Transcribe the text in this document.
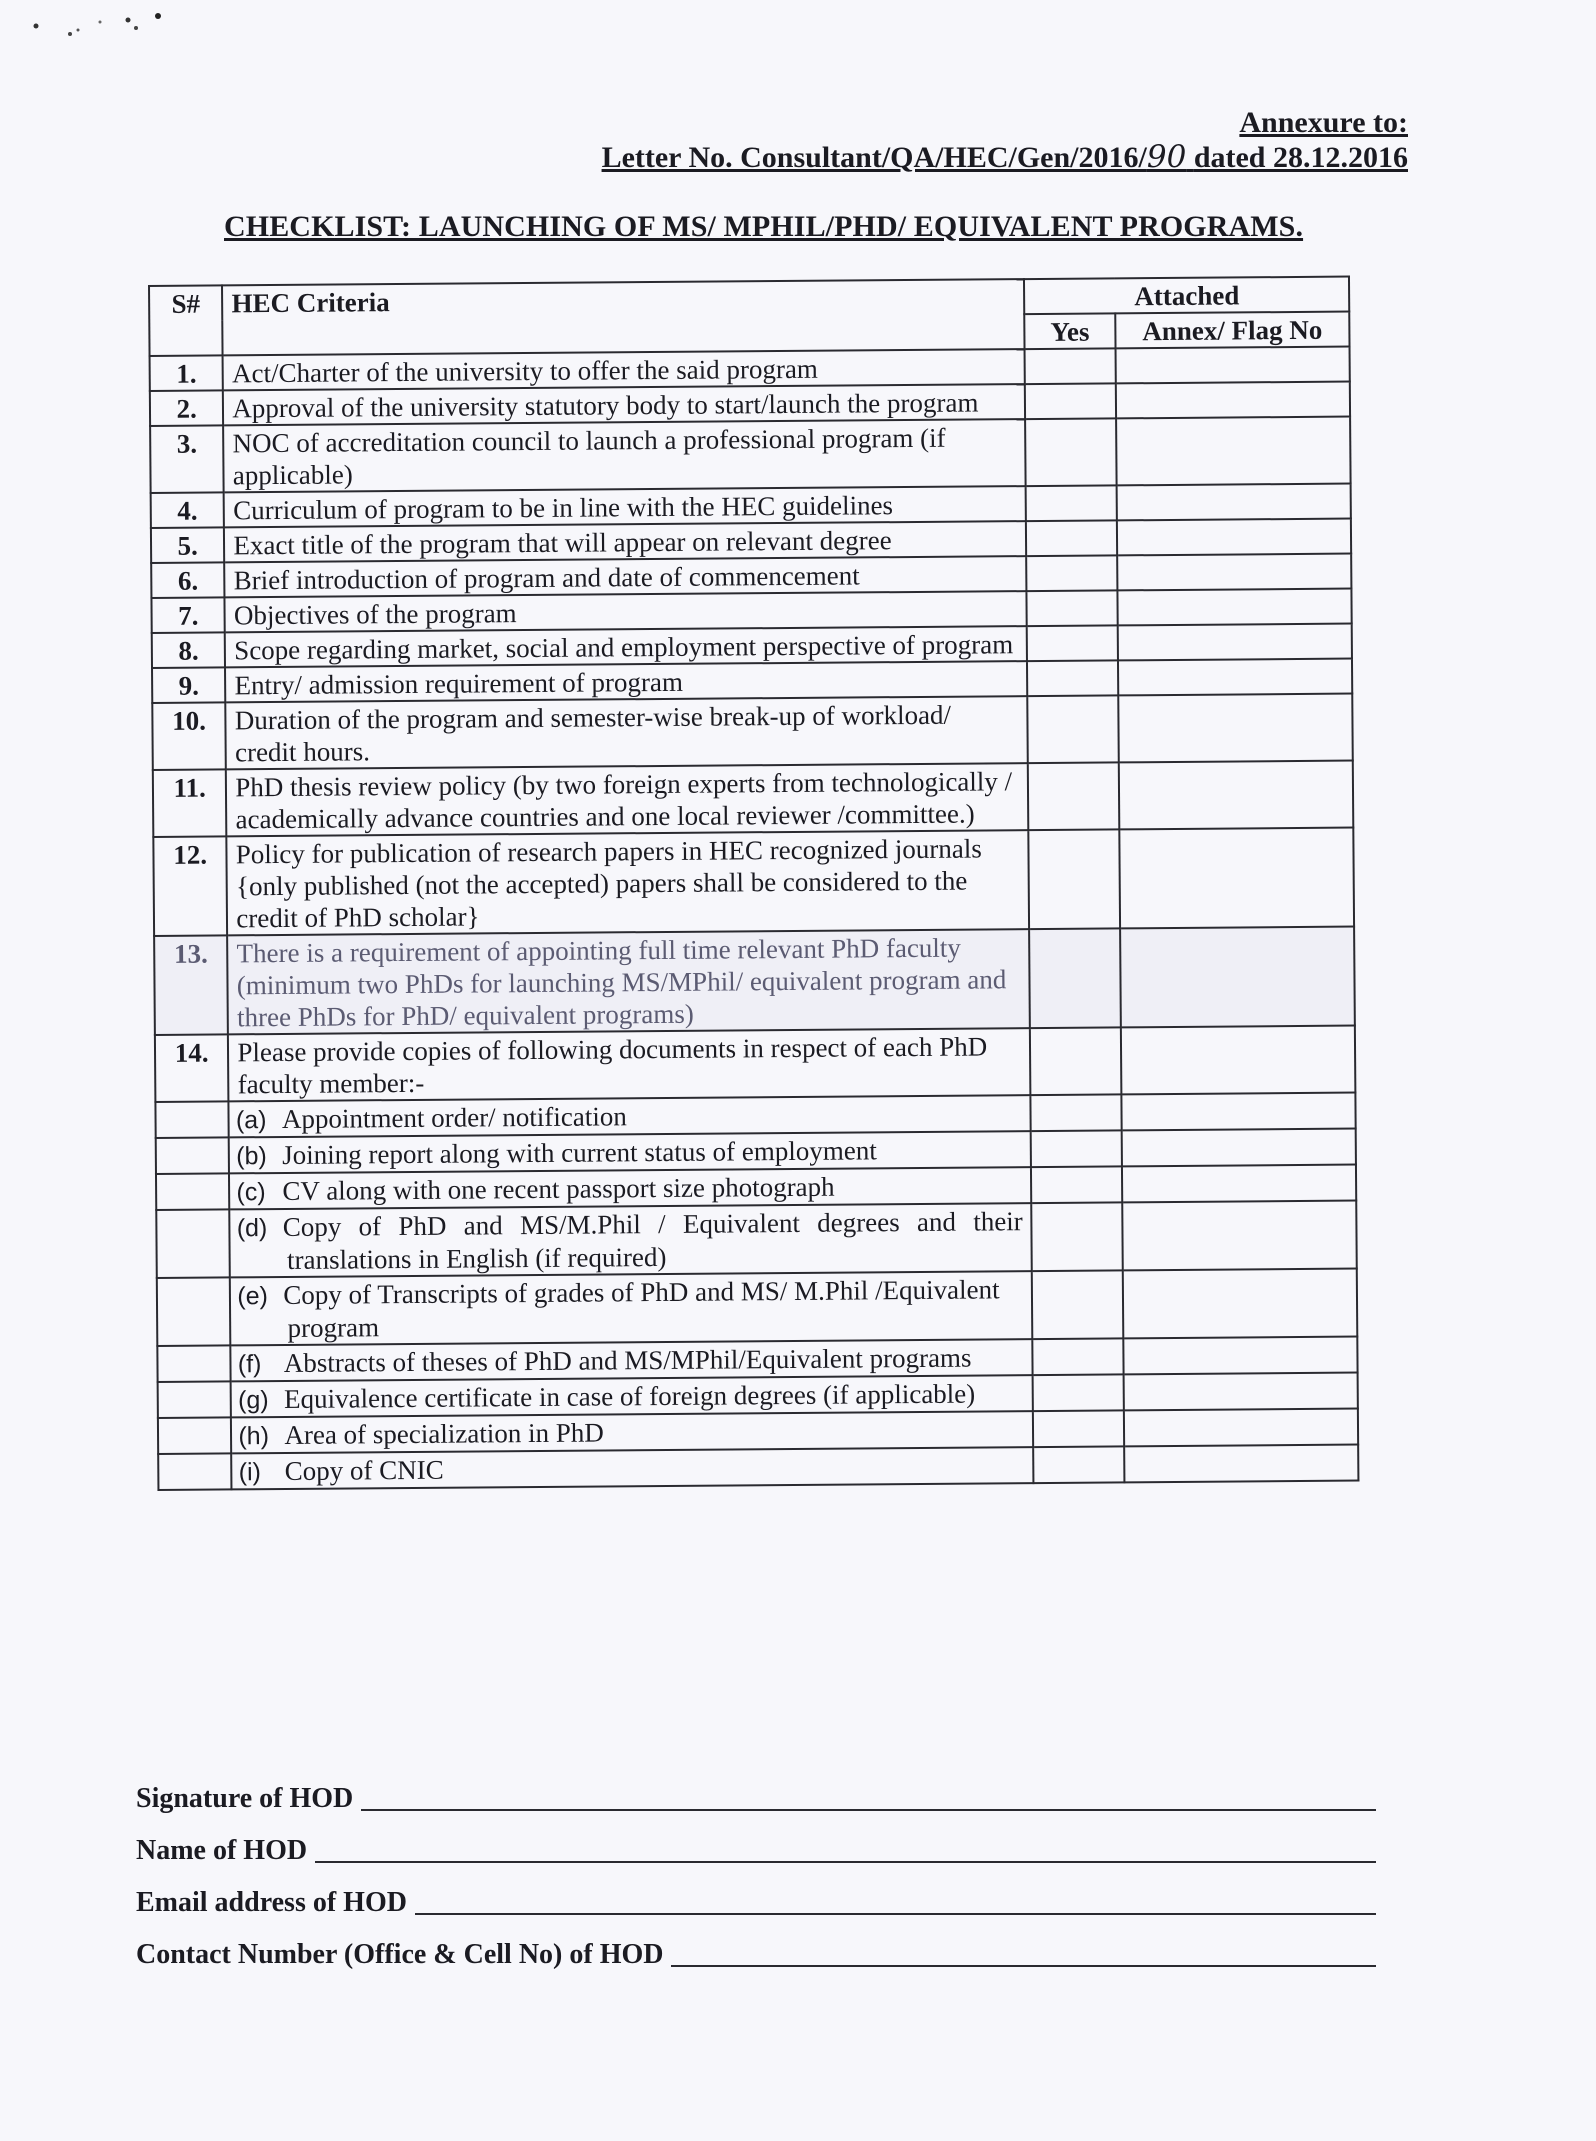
Annexure to:
Letter No. Consultant/QA/HEC/Gen/2016/90 dated 28.12.2016
CHECKLIST: LAUNCHING OF MS/ MPHIL/PHD/ EQUIVALENT PROGRAMS.
S#	HEC Criteria	Attached	
		Yes	Annex/ Flag No
1.	Act/Charter of the university to offer the said program		
2.	Approval of the university statutory body to start/launch the program		
3.	NOC of accreditation council to launch a professional program (if applicable)		
4.	Curriculum of program to be in line with the HEC guidelines		
5.	Exact title of the program that will appear on relevant degree		
6.	Brief introduction of program and date of commencement		
7.	Objectives of the program		
8.	Scope regarding market, social and employment perspective of program		
9.	Entry/ admission requirement of program		
10.	Duration of the program and semester-wise break-up of workload/ credit hours.		
11.	PhD thesis review policy (by two foreign experts from technologically / academically advance countries and one local reviewer /committee.)		
12.	Policy for publication of research papers in HEC recognized journals {only published (not the accepted) papers shall be considered to the credit of PhD scholar}		
13.	There is a requirement of appointing full time relevant PhD faculty (minimum two PhDs for launching MS/MPhil/ equivalent program and three PhDs for PhD/ equivalent programs)		
14.	Please provide copies of following documents in respect of each PhD faculty member:-		
	(a) Appointment order/ notification		
	(b) Joining report along with current status of employment		
	(c) CV along with one recent passport size photograph		
	(d) Copy of PhD and MS/M.Phil / Equivalent degrees and their translations in English (if required)		
	(e) Copy of Transcripts of grades of PhD and MS/ M.Phil /Equivalent program		
	(f) Abstracts of theses of PhD and MS/MPhil/Equivalent programs		
	(g) Equivalence certificate in case of foreign degrees (if applicable)		
	(h) Area of specialization in PhD		
	(i) Copy of CNIC		
Signature of HOD
Name of HOD
Email address of HOD
Contact Number (Office & Cell No) of HOD
